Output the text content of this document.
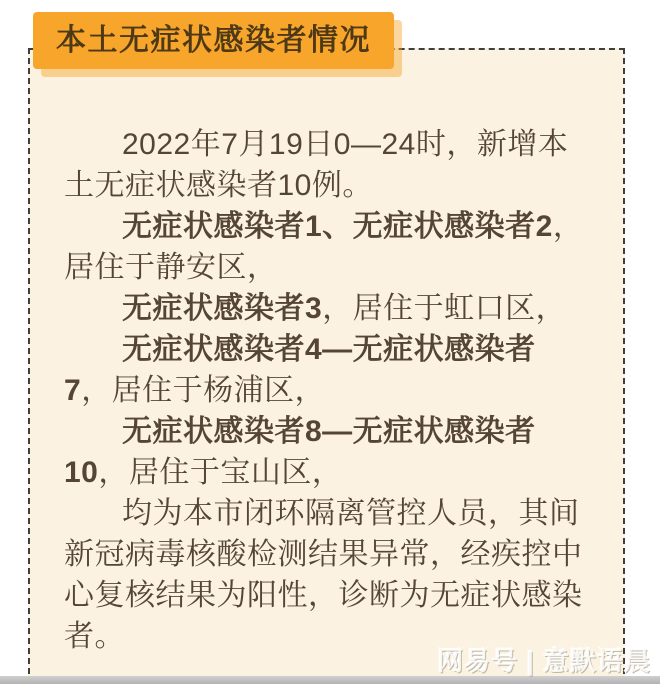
本土无症状感染者情况
2022年7月19日0—24时，新增本
土无症状感染者10例。
无症状感染者1、无症状感染者2，
居住于静安区，
无症状感染者3，居住于虹口区，
无症状感染者4—无症状感染者
7，居住于杨浦区，
无症状感染者8—无症状感染者
10，居住于宝山区，
均为本市闭环隔离管控人员，其间
新冠病毒核酸检测结果异常，经疾控中
心复核结果为阳性，诊断为无症状感染
者。
网易号 | 意默语晨
